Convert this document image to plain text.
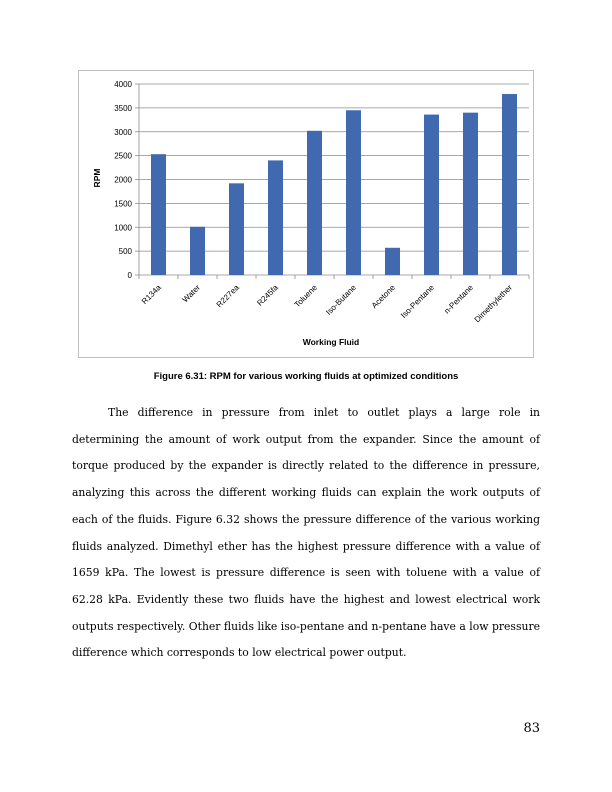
0
500
1000
1500
2000
2500
3000
3500
4000
R134a Water R227ea R245fa Toluene Iso-Butane Acetone Iso-Pentane n-Pentane
Dimethylether
RPM
Working Fluid
Figure 6.31: RPM for various working fluids at optimized conditions

The difference in pressure from inlet to outlet plays a large role in determining the amount of work output from the expander. Since the amount of torque produced by the expander is directly related to the difference in pressure, analyzing this across the different working fluids can explain the work outputs of each of the fluids. Figure 6.32 shows the pressure difference of the various working fluids analyzed. Dimethyl ether has the highest pressure difference with a value of 1659 kPa. The lowest is pressure difference is seen with toluene with a value of 62.28 kPa. Evidently these two fluids have the highest and lowest electrical work outputs respectively. Other fluids like iso-pentane and n-pentane have a low pressure difference which corresponds to low electrical power output.

83
